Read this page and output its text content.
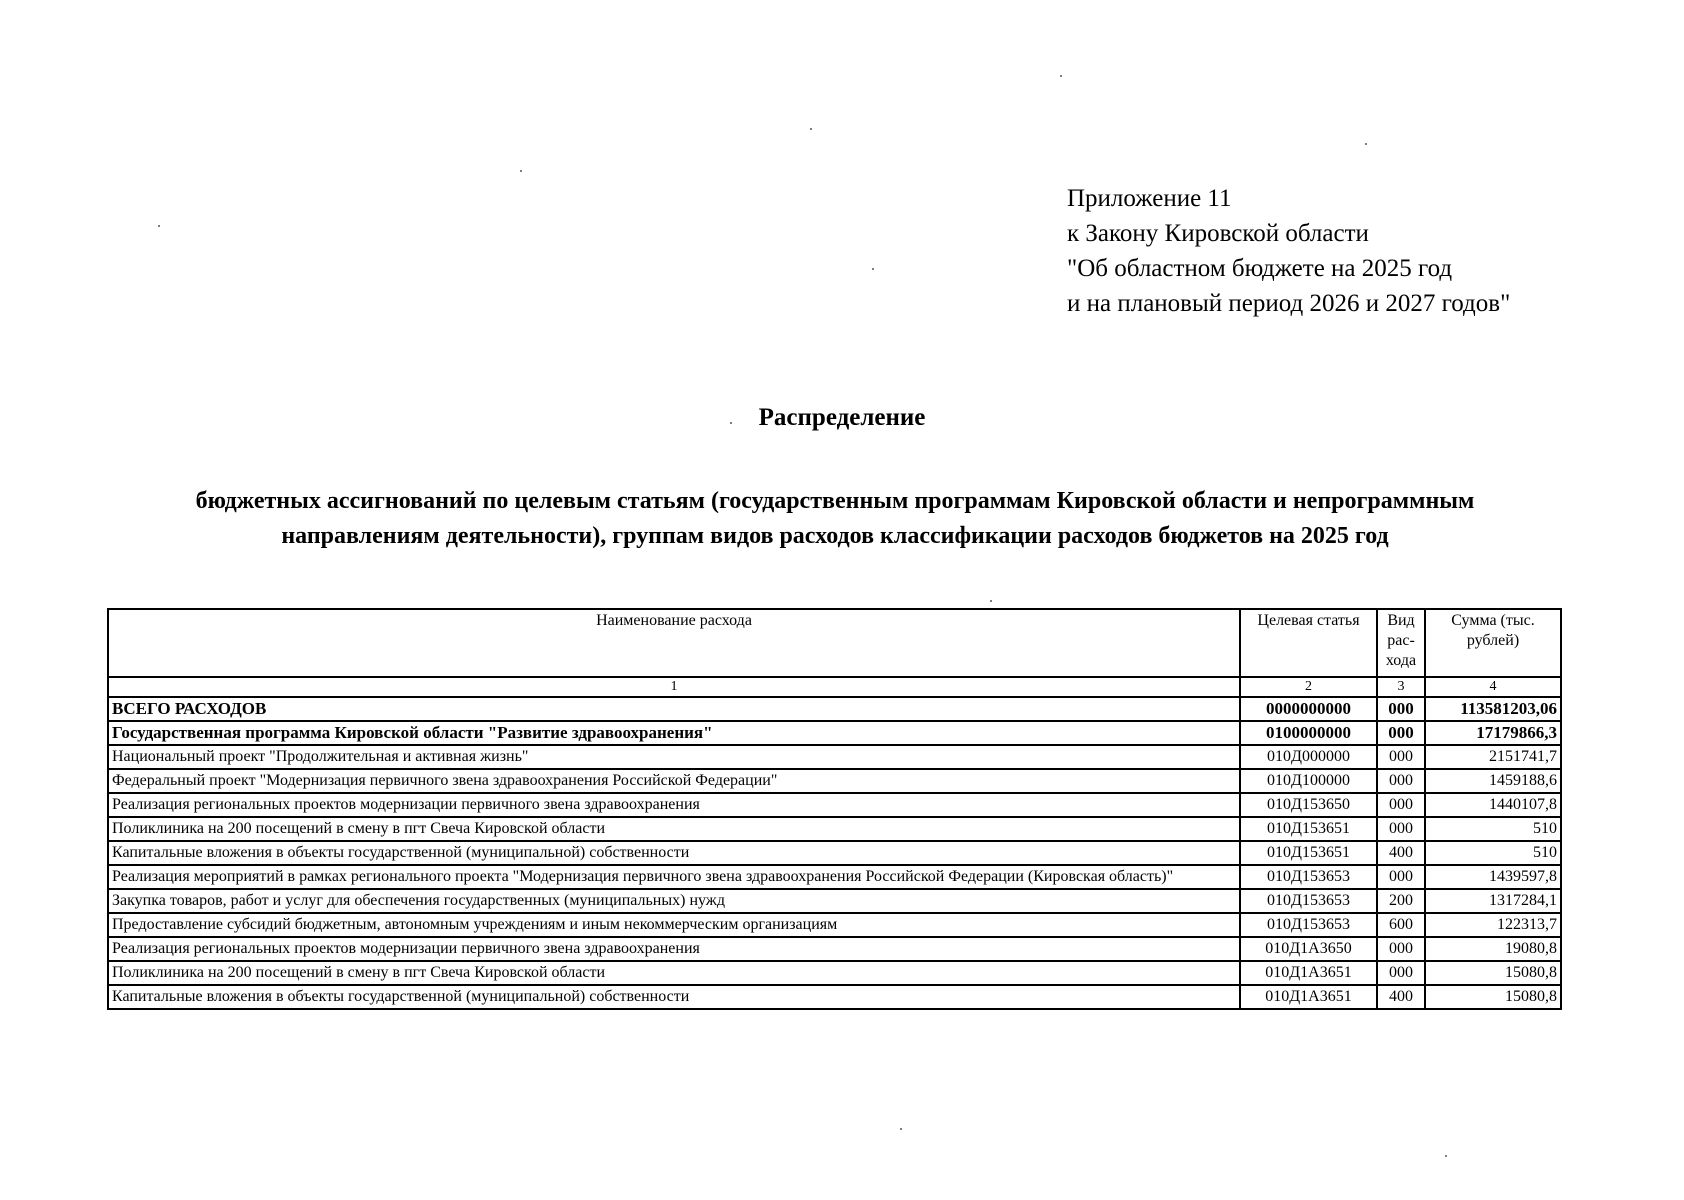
Приложение 11
к Закону Кировской области
"Об областном бюджете на 2025 год
и на плановый период 2026 и 2027 годов"
Распределение
бюджетных ассигнований по целевым статьям (государственным программам Кировской области и непрограммным
направлениям деятельности), группам видов расходов классификации расходов бюджетов на 2025 год
Наименование расхода	Целевая статья	Вид рас-хода	Сумма (тыс. рублей)
1	2	3	4
ВСЕГО РАСХОДОВ	0000000000	000	113581203,06
Государственная программа Кировской области "Развитие здравоохранения"	0100000000	000	17179866,3
Национальный проект "Продолжительная и активная жизнь"	010Д000000	000	2151741,7
Федеральный проект "Модернизация первичного звена здравоохранения Российской Федерации"	010Д100000	000	1459188,6
Реализация региональных проектов модернизации первичного звена здравоохранения	010Д153650	000	1440107,8
Поликлиника на 200 посещений в смену в пгт Свеча Кировской области	010Д153651	000	510
Капитальные вложения в объекты государственной (муниципальной) собственности	010Д153651	400	510
Реализация мероприятий в рамках регионального проекта "Модернизация первичного звена здравоохранения Российской Федерации (Кировская область)"	010Д153653	000	1439597,8
Закупка товаров, работ и услуг для обеспечения государственных (муниципальных) нужд	010Д153653	200	1317284,1
Предоставление субсидий бюджетным, автономным учреждениям и иным некоммерческим организациям	010Д153653	600	122313,7
Реализация региональных проектов модернизации первичного звена здравоохранения	010Д1А3650	000	19080,8
Поликлиника на 200 посещений в смену в пгт Свеча Кировской области	010Д1А3651	000	15080,8
Капитальные вложения в объекты государственной (муниципальной) собственности	010Д1А3651	400	15080,8
